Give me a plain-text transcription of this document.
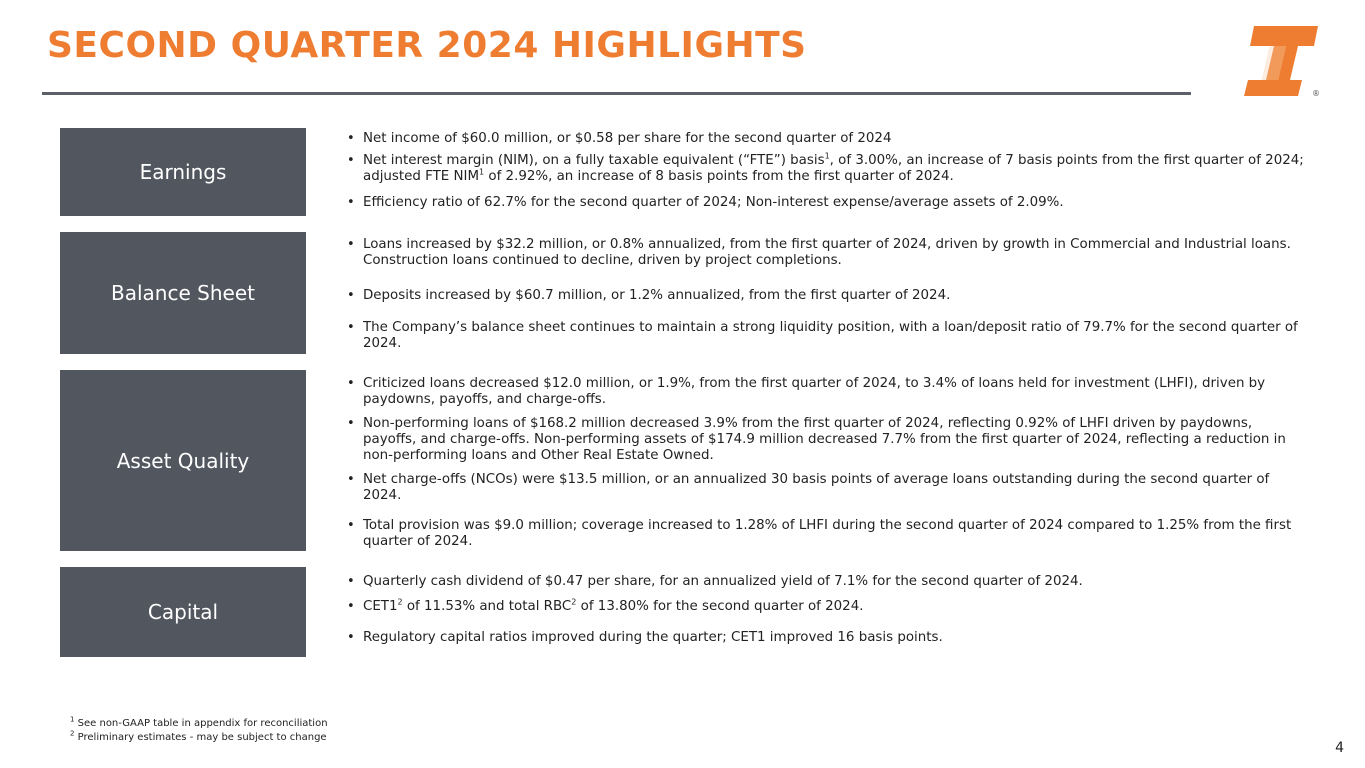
SECOND QUARTER 2024 HIGHLIGHTS
®
Earnings
• Net income of $60.0 million, or $0.58 per share for the second quarter of 2024
• Net interest margin (NIM), on a fully taxable equivalent (“FTE”) basis$^1$, of 3.00%, an increase of 7 basis points from the first quarter of 2024; adjusted FTE NIM$^1$ of 2.92%, an increase of 8 basis points from the first quarter of 2024.
• Efficiency ratio of 62.7% for the second quarter of 2024; Non-interest expense/average assets of 2.09%.
Balance Sheet
• Loans increased by $32.2 million, or 0.8% annualized, from the first quarter of 2024, driven by growth in Commercial and Industrial loans. Construction loans continued to decline, driven by project completions.
• Deposits increased by $60.7 million, or 1.2% annualized, from the first quarter of 2024.
• The Company’s balance sheet continues to maintain a strong liquidity position, with a loan/deposit ratio of 79.7% for the second quarter of 2024.
Asset Quality
• Criticized loans decreased $12.0 million, or 1.9%, from the first quarter of 2024, to 3.4% of loans held for investment (LHFI), driven by paydowns, payoffs, and charge-offs.
• Non-performing loans of $168.2 million decreased 3.9% from the first quarter of 2024, reflecting 0.92% of LHFI driven by paydowns, payoffs, and charge-offs. Non-performing assets of $174.9 million decreased 7.7% from the first quarter of 2024, reflecting a reduction in non-performing loans and Other Real Estate Owned.
• Net charge-offs (NCOs) were $13.5 million, or an annualized 30 basis points of average loans outstanding during the second quarter of 2024.
• Total provision was $9.0 million; coverage increased to 1.28% of LHFI during the second quarter of 2024 compared to 1.25% from the first quarter of 2024.
Capital
• Quarterly cash dividend of $0.47 per share, for an annualized yield of 7.1% for the second quarter of 2024.
• $CET1^2$ of 11.53% and total RBC$^2$ of 13.80% for the second quarter of 2024.
• Regulatory capital ratios improved during the quarter; CET1 improved 16 basis points.
$^1$ See non-GAAP table in appendix for reconciliation
$^2$ Preliminary estimates - may be subject to change
4
